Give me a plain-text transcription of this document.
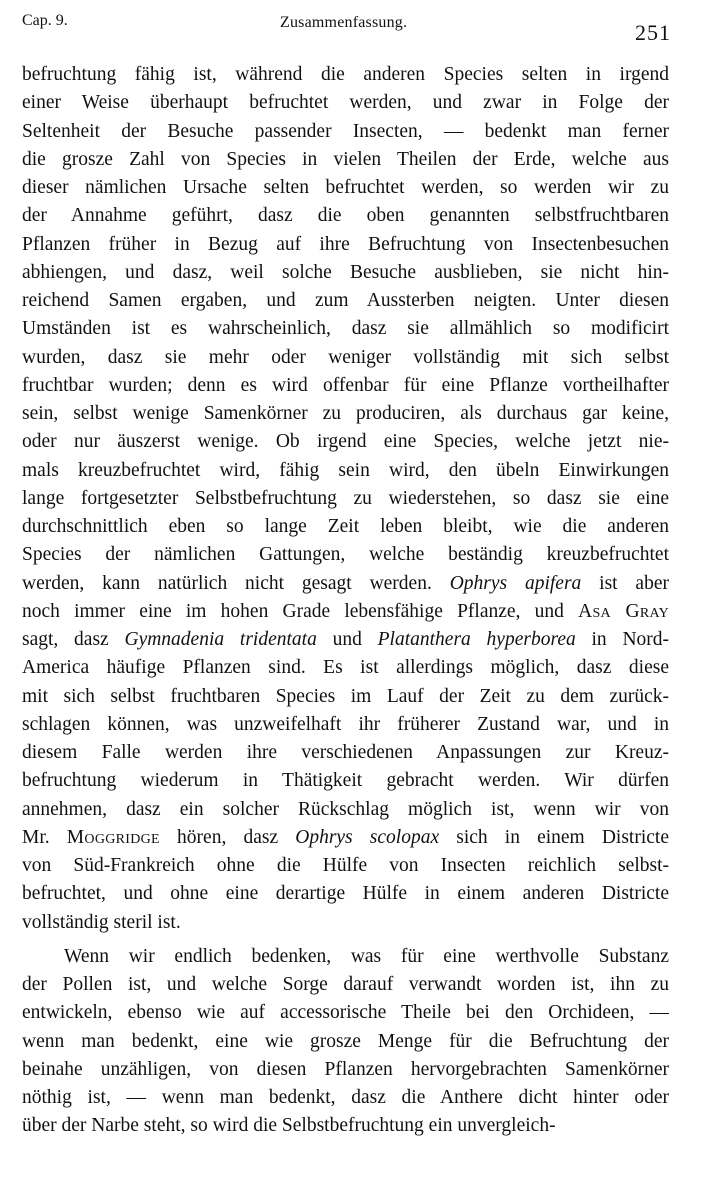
Cap. 9.	Zusammenfassung.	251
befruchtung fähig ist, während die anderen Species selten in irgend
einer Weise überhaupt befruchtet werden, und zwar in Folge der
Seltenheit der Besuche passender Insecten, — bedenkt man ferner
die grosze Zahl von Species in vielen Theilen der Erde, welche aus
dieser nämlichen Ursache selten befruchtet werden, so werden wir zu
der Annahme geführt, dasz die oben genannten selbstfruchtbaren
Pflanzen früher in Bezug auf ihre Befruchtung von Insectenbesuchen
abhiengen, und dasz, weil solche Besuche ausblieben, sie nicht hin-
reichend Samen ergaben, und zum Aussterben neigten. Unter diesen
Umständen ist es wahrscheinlich, dasz sie allmählich so modificirt
wurden, dasz sie mehr oder weniger vollständig mit sich selbst
fruchtbar wurden; denn es wird offenbar für eine Pflanze vortheilhafter
sein, selbst wenige Samenkörner zu produciren, als durchaus gar keine,
oder nur äuszerst wenige. Ob irgend eine Species, welche jetzt nie-
mals kreuzbefruchtet wird, fähig sein wird, den übeln Einwirkungen
lange fortgesetzter Selbstbefruchtung zu wiederstehen, so dasz sie eine
durchschnittlich eben so lange Zeit leben bleibt, wie die anderen
Species der nämlichen Gattungen, welche beständig kreuzbefruchtet
werden, kann natürlich nicht gesagt werden. Ophrys apifera ist aber
noch immer eine im hohen Grade lebensfähige Pflanze, und Asa Gray
sagt, dasz Gymnadenia tridentata und Platanthera hyperborea in Nord-
America häufige Pflanzen sind. Es ist allerdings möglich, dasz diese
mit sich selbst fruchtbaren Species im Lauf der Zeit zu dem zurück-
schlagen können, was unzweifelhaft ihr früherer Zustand war, und in
diesem Falle werden ihre verschiedenen Anpassungen zur Kreuz-
befruchtung wiederum in Thätigkeit gebracht werden. Wir dürfen
annehmen, dasz ein solcher Rückschlag möglich ist, wenn wir von
Mr. Moggridge hören, dasz Ophrys scolopax sich in einem Districte
von Süd-Frankreich ohne die Hülfe von Insecten reichlich selbst-
befruchtet, und ohne eine derartige Hülfe in einem anderen Districte
vollständig steril ist.
Wenn wir endlich bedenken, was für eine werthvolle Substanz
der Pollen ist, und welche Sorge darauf verwandt worden ist, ihn zu
entwickeln, ebenso wie auf accessorische Theile bei den Orchideen, —
wenn man bedenkt, eine wie grosze Menge für die Befruchtung der
beinahe unzähligen, von diesen Pflanzen hervorgebrachten Samenkörner
nöthig ist, — wenn man bedenkt, dasz die Anthere dicht hinter oder
über der Narbe steht, so wird die Selbstbefruchtung ein unvergleich-
